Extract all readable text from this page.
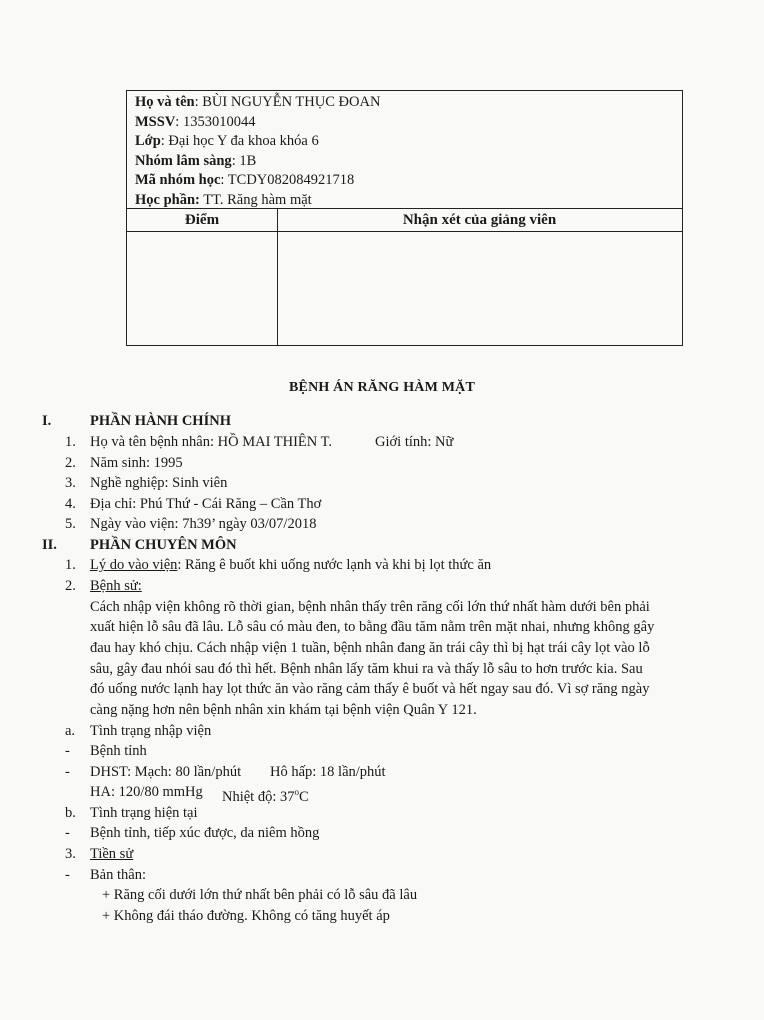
Họ và tên: BÙI NGUYỄN THỤC ĐOAN
MSSV: 1353010044
Lớp: Đại học Y đa khoa khóa 6
Nhóm lâm sàng: 1B
Mã nhóm học: TCDY082084921718
Học phần: TT. Răng hàm mặt
Điểm	Nhận xét của giảng viên
BỆNH ÁN RĂNG HÀM MẶT
I.	PHẦN HÀNH CHÍNH
1. Họ và tên bệnh nhân: HỒ MAI THIÊN T.	Giới tính: Nữ
2. Năm sinh: 1995
3. Nghề nghiệp: Sinh viên
4. Địa chỉ: Phú Thứ - Cái Răng – Cần Thơ
5. Ngày vào viện: 7h39’ ngày 03/07/2018
II. PHẦN CHUYÊN MÔN
1. Lý do vào viện: Răng ê buốt khi uống nước lạnh và khi bị lọt thức ăn
2. Bệnh sử:
Cách nhập viện không rõ thời gian, bệnh nhân thấy trên răng cối lớn thứ nhất hàm dưới bên phải
xuất hiện lỗ sâu đã lâu. Lỗ sâu có màu đen, to bằng đầu tăm nằm trên mặt nhai, nhưng không gây
đau hay khó chịu. Cách nhập viện 1 tuần, bệnh nhân đang ăn trái cây thì bị hạt trái cây lọt vào lỗ
sâu, gây đau nhói sau đó thì hết. Bệnh nhân lấy tăm khui ra và thấy lỗ sâu to hơn trước kia. Sau
đó uống nước lạnh hay lọt thức ăn vào răng cảm thấy ê buốt và hết ngay sau đó. Vì sợ răng ngày
càng nặng hơn nên bệnh nhân xin khám tại bệnh viện Quân Y 121.
a. Tình trạng nhập viện
- Bệnh tỉnh
- DHST: Mạch: 80 lần/phút Hô hấp: 18 lần/phút
HA: 120/80 mmHg Nhiệt độ: 37$^o$C
b. Tình trạng hiện tại
- Bệnh tỉnh, tiếp xúc được, da niêm hồng
3. Tiền sử
- Bản thân:
+ Răng cối dưới lớn thứ nhất bên phải có lỗ sâu đã lâu
+ Không đái tháo đường. Không có tăng huyết áp
